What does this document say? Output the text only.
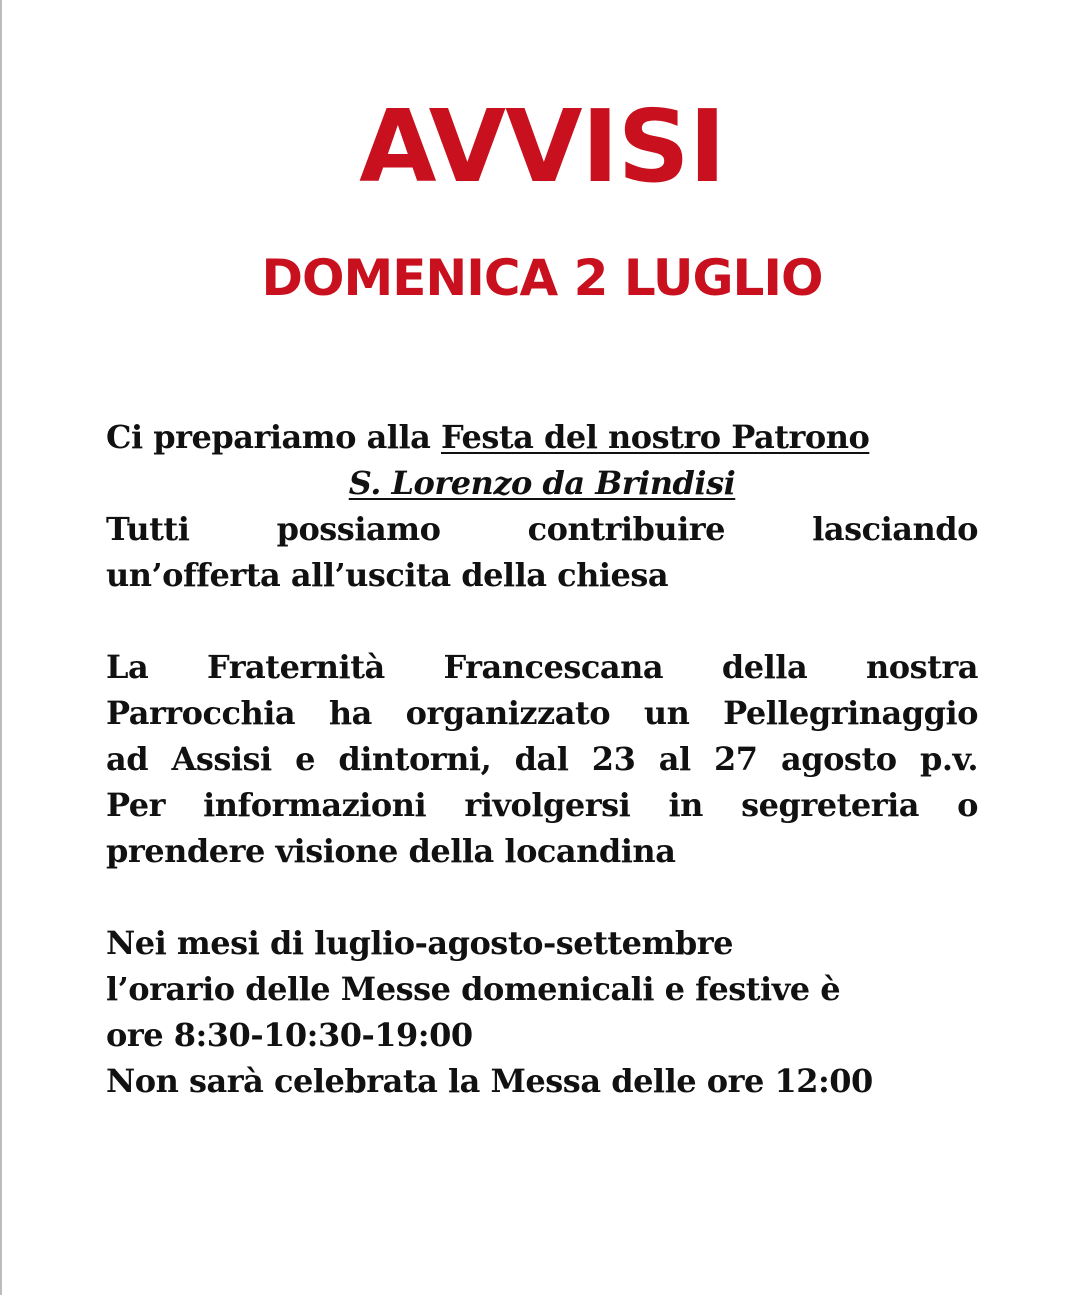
AVVISI
DOMENICA 2 LUGLIO
Ci prepariamo alla Festa del nostro Patrono
S. Lorenzo da Brindisi
Tutti possiamo contribuire lasciando
un’offerta all’uscita della chiesa
La Fraternità Francescana della nostra
Parrocchia ha organizzato un Pellegrinaggio
ad Assisi e dintorni, dal 23 al 27 agosto p.v.
Per informazioni rivolgersi in segreteria o
prendere visione della locandina
Nei mesi di luglio-agosto-settembre
l’orario delle Messe domenicali e festive è
ore 8:30-10:30-19:00
Non sarà celebrata la Messa delle ore 12:00
